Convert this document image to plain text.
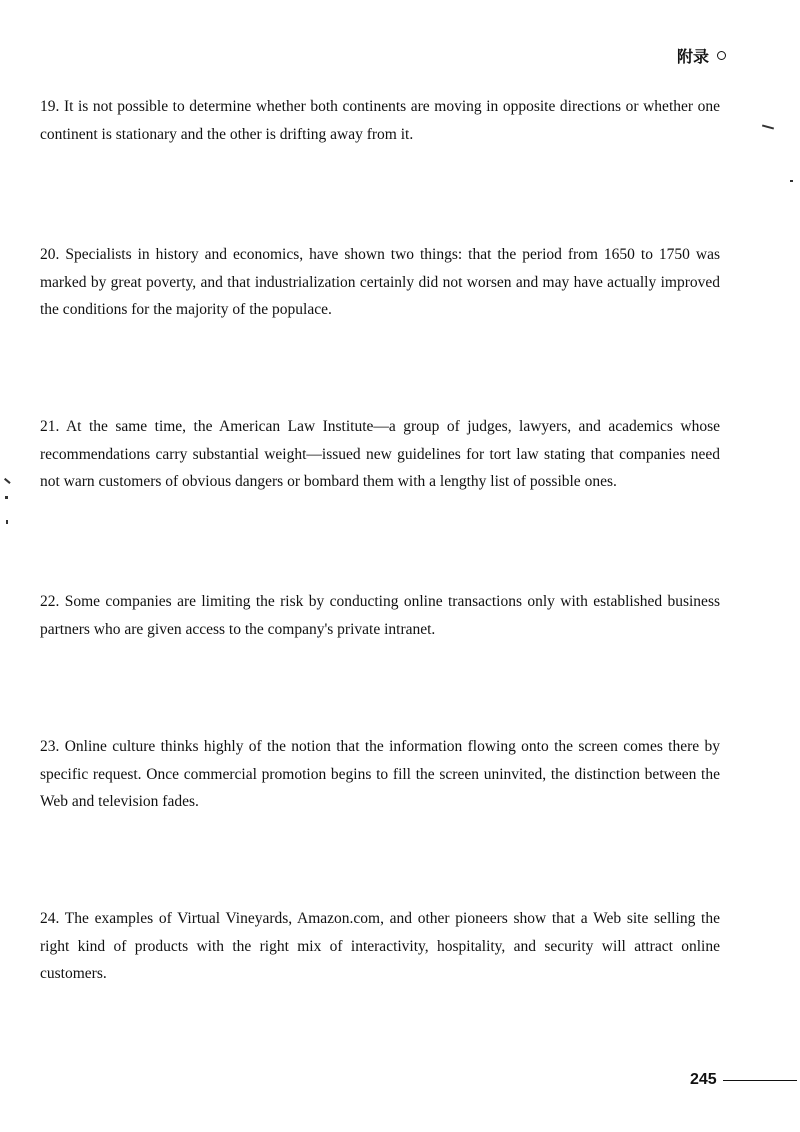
附录

19. It is not possible to determine whether both continents are moving in opposite directions or whether one continent is stationary and the other is drifting away from it.

20. Specialists in history and economics, have shown two things: that the period from 1650 to 1750 was marked by great poverty, and that industrialization certainly did not worsen and may have actually improved the conditions for the majority of the populace.

21. At the same time, the American Law Institute—a group of judges, lawyers, and academics whose recommendations carry substantial weight—issued new guidelines for tort law stating that companies need not warn customers of obvious dangers or bombard them with a lengthy list of possible ones.

22. Some companies are limiting the risk by conducting online transactions only with established business partners who are given access to the company's private intranet.

23. Online culture thinks highly of the notion that the information flowing onto the screen comes there by specific request. Once commercial promotion begins to fill the screen uninvited, the distinction between the Web and television fades.

24. The examples of Virtual Vineyards, Amazon.com, and other pioneers show that a Web site selling the right kind of products with the right mix of interactivity, hospitality, and security will attract online customers.

245
